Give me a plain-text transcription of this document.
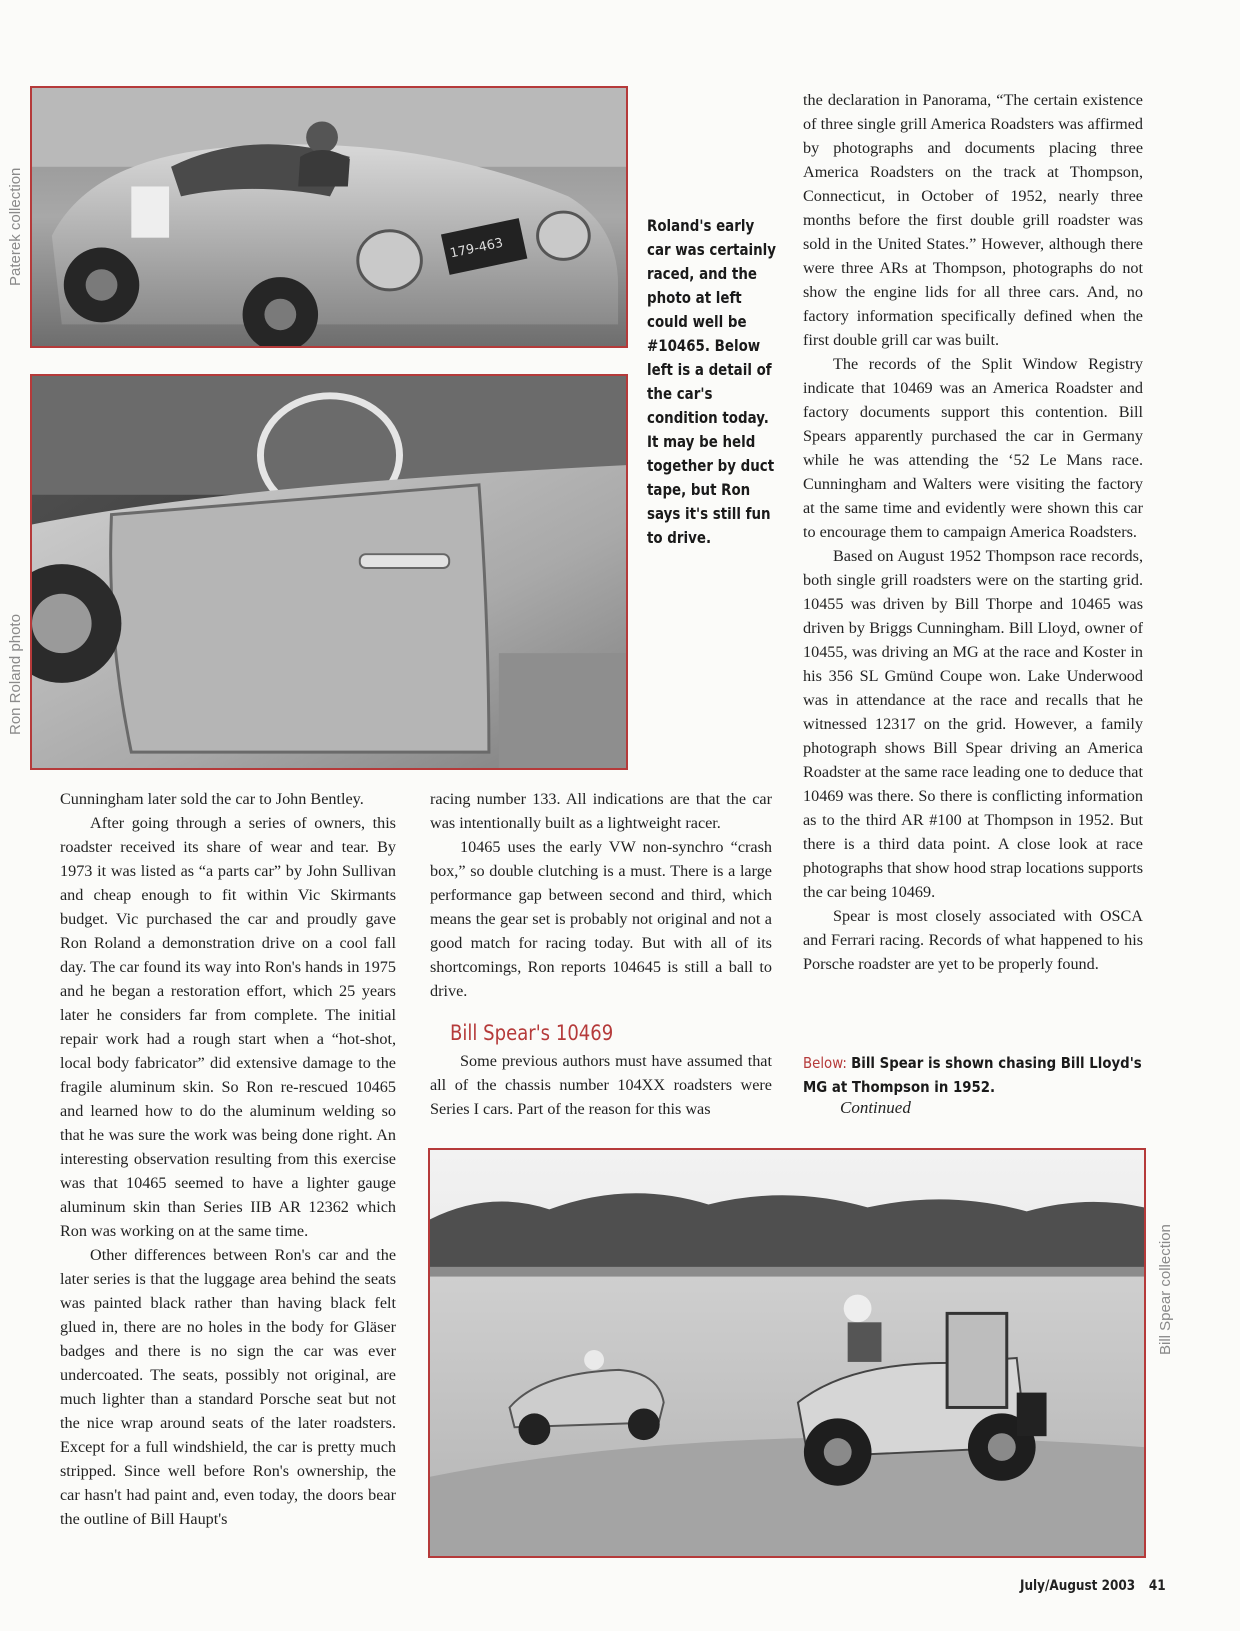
Paterek collection
Ron Roland photo
Bill Spear collection
179-463
Roland's early car was certainly raced, and the photo at left could well be #10465. Below left is a detail of the car's condition today. It may be held together by duct tape, but Ron says it's still fun to drive.

Cunningham later sold the car to John Bentley.

After going through a series of owners, this roadster received its share of wear and tear. By 1973 it was listed as “a parts car” by John Sullivan and cheap enough to fit within Vic Skirmants budget. Vic purchased the car and proudly gave Ron Roland a demonstration drive on a cool fall day. The car found its way into Ron's hands in 1975 and he began a restoration effort, which 25 years later he considers far from complete. The initial repair work had a rough start when a “hot-shot, local body fabricator” did extensive damage to the fragile aluminum skin. So Ron re-rescued 10465 and learned how to do the aluminum welding so that he was sure the work was being done right. An interesting observation resulting from this exercise was that 10465 seemed to have a lighter gauge aluminum skin than Series IIB AR 12362 which Ron was working on at the same time.

Other differences between Ron's car and the later series is that the luggage area behind the seats was painted black rather than having black felt glued in, there are no holes in the body for Gläser badges and there is no sign the car was ever undercoated. The seats, possibly not original, are much lighter than a standard Porsche seat but not the nice wrap around seats of the later roadsters. Except for a full windshield, the car is pretty much stripped. Since well before Ron's ownership, the car hasn't had paint and, even today, the doors bear the outline of Bill Haupt's

racing number 133. All indications are that the car was intentionally built as a lightweight racer.

10465 uses the early VW non-synchro “crash box,” so double clutching is a must. There is a large performance gap between second and third, which means the gear set is probably not original and not a good match for racing today. But with all of its shortcomings, Ron reports 104645 is still a ball to drive.

Bill Spear's 10469

Some previous authors must have assumed that all of the chassis number 104XX roadsters were Series I cars. Part of the reason for this was

the declaration in Panorama, “The certain existence of three single grill America Roadsters was affirmed by photographs and documents placing three America Roadsters on the track at Thompson, Connecticut, in October of 1952, nearly three months before the first double grill roadster was sold in the United States.” However, although there were three ARs at Thompson, photographs do not show the engine lids for all three cars. And, no factory information specifically defined when the first double grill car was built.

The records of the Split Window Registry indicate that 10469 was an America Roadster and factory documents support this contention. Bill Spears apparently purchased the car in Germany while he was attending the ‘52 Le Mans race. Cunningham and Walters were visiting the factory at the same time and evidently were shown this car to encourage them to campaign America Roadsters.

Based on August 1952 Thompson race records, both single grill roadsters were on the starting grid. 10455 was driven by Bill Thorpe and 10465 was driven by Briggs Cunningham. Bill Lloyd, owner of 10455, was driving an MG at the race and Koster in his 356 SL Gmünd Coupe won. Lake Underwood was in attendance at the race and recalls that he witnessed 12317 on the grid. However, a family photograph shows Bill Spear driving an America Roadster at the same race leading one to deduce that 10469 was there. So there is conflicting information as to the third AR #100 at Thompson in 1952. But there is a third data point. A close look at race photographs that show hood strap locations supports the car being 10469.

Spear is most closely associated with OSCA and Ferrari racing. Records of what happened to his Porsche roadster are yet to be properly found.

Below: Bill Spear is shown chasing Bill Lloyd's MG at Thompson in 1952.
Continued
July/August 2003 41
